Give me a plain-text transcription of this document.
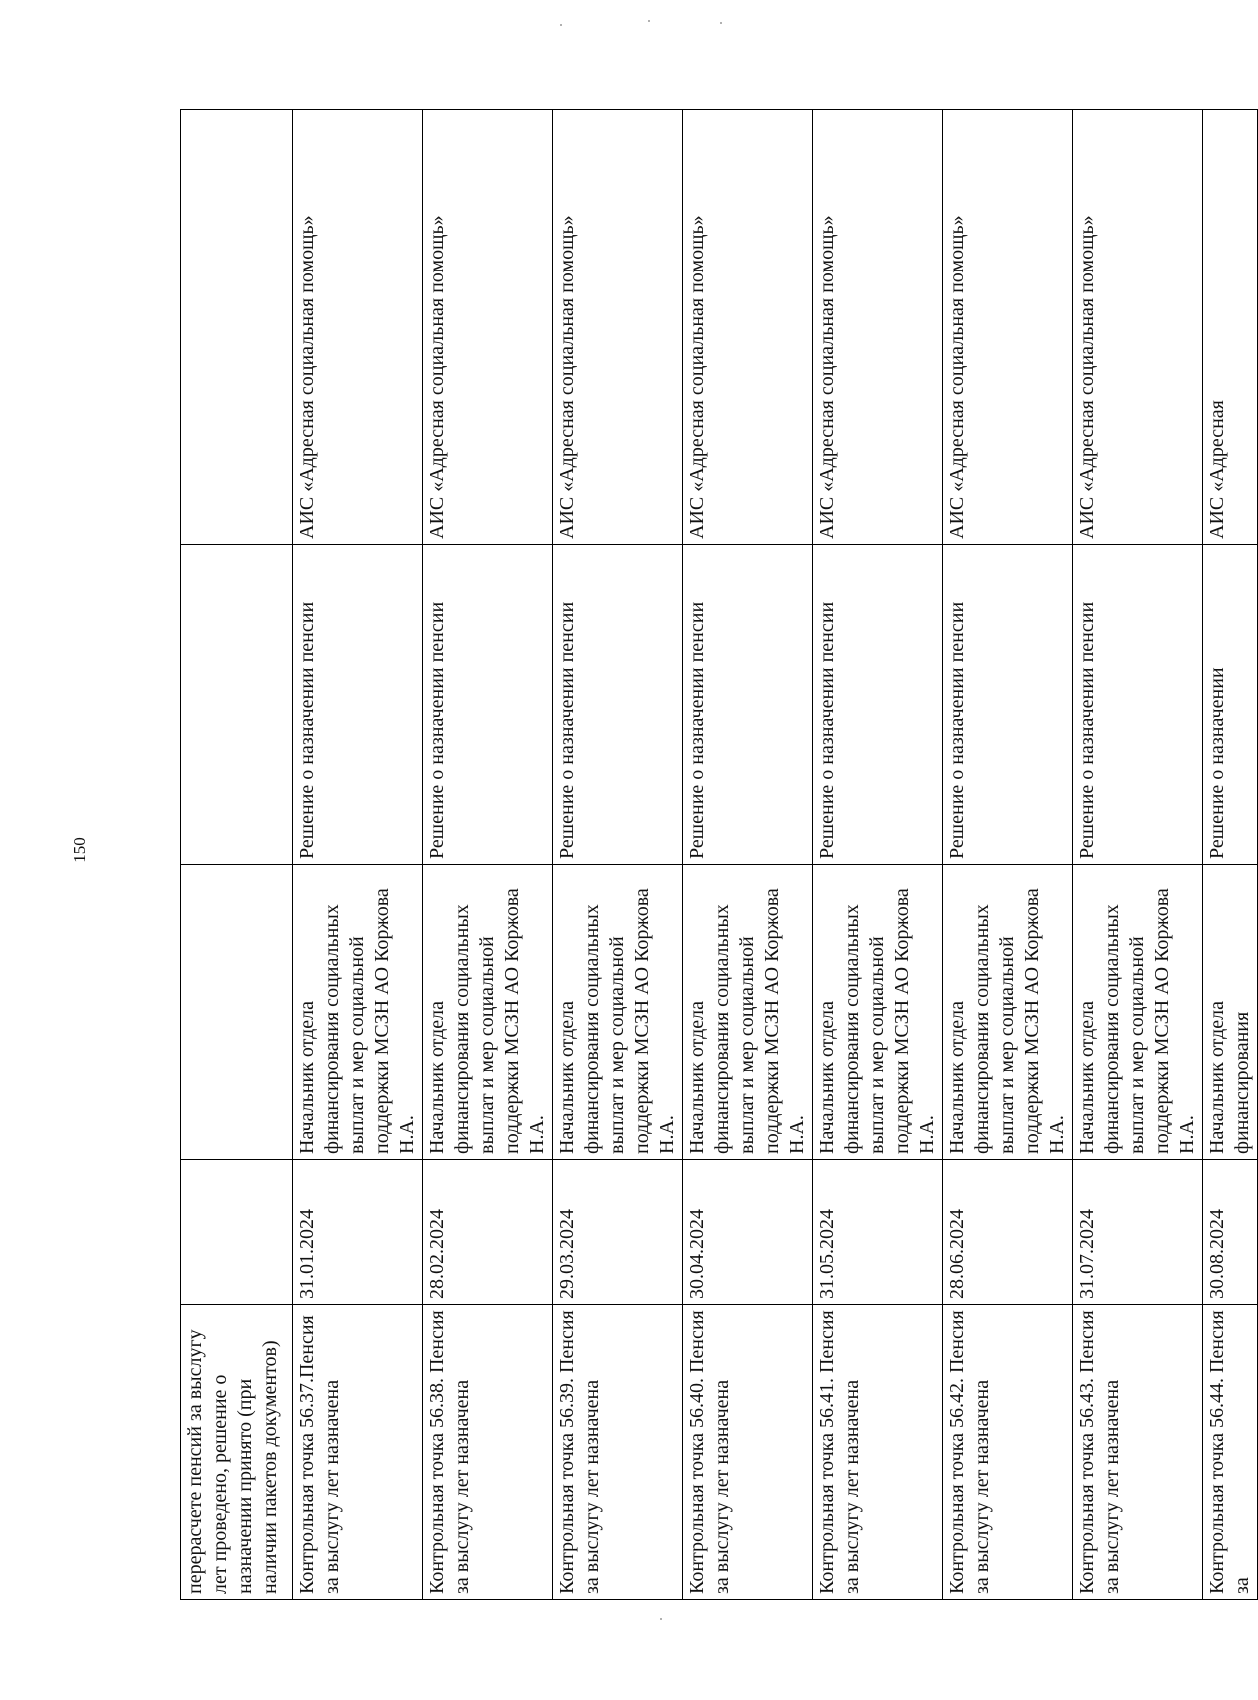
150
перерасчете пенсий за выслугу лет проведено, решение о назначении принято (при наличии пакетов документов)				
Контрольная точка 56.37.Пенсия за выслугу лет назначена	31.01.2024	Начальник отдела финансирования социальных выплат и мер социальной поддержки МСЗН АО Коржова Н.А.	Решение о назначении пенсии	АИС «Адресная социальная помощь»
Контрольная точка 56.38. Пенсия за выслугу лет назначена	28.02.2024	Начальник отдела финансирования социальных выплат и мер социальной поддержки МСЗН АО Коржова Н.А.	Решение о назначении пенсии	АИС «Адресная социальная помощь»
Контрольная точка 56.39. Пенсия за выслугу лет назначена	29.03.2024	Начальник отдела финансирования социальных выплат и мер социальной поддержки МСЗН АО Коржова Н.А.	Решение о назначении пенсии	АИС «Адресная социальная помощь»
Контрольная точка 56.40. Пенсия за выслугу лет назначена	30.04.2024	Начальник отдела финансирования социальных выплат и мер социальной поддержки МСЗН АО Коржова Н.А.	Решение о назначении пенсии	АИС «Адресная социальная помощь»
Контрольная точка 56.41. Пенсия за выслугу лет назначена	31.05.2024	Начальник отдела финансирования социальных выплат и мер социальной поддержки МСЗН АО Коржова Н.А.	Решение о назначении пенсии	АИС «Адресная социальная помощь»
Контрольная точка 56.42. Пенсия за выслугу лет назначена	28.06.2024	Начальник отдела финансирования социальных выплат и мер социальной поддержки МСЗН АО Коржова Н.А.	Решение о назначении пенсии	АИС «Адресная социальная помощь»
Контрольная точка 56.43. Пенсия за выслугу лет назначена	31.07.2024	Начальник отдела финансирования социальных выплат и мер социальной поддержки МСЗН АО Коржова Н.А.	Решение о назначении пенсии	АИС «Адресная социальная помощь»
Контрольная точка 56.44. Пенсия за	30.08.2024	Начальник отдела финансирования	Решение о назначении	АИС «Адресная
